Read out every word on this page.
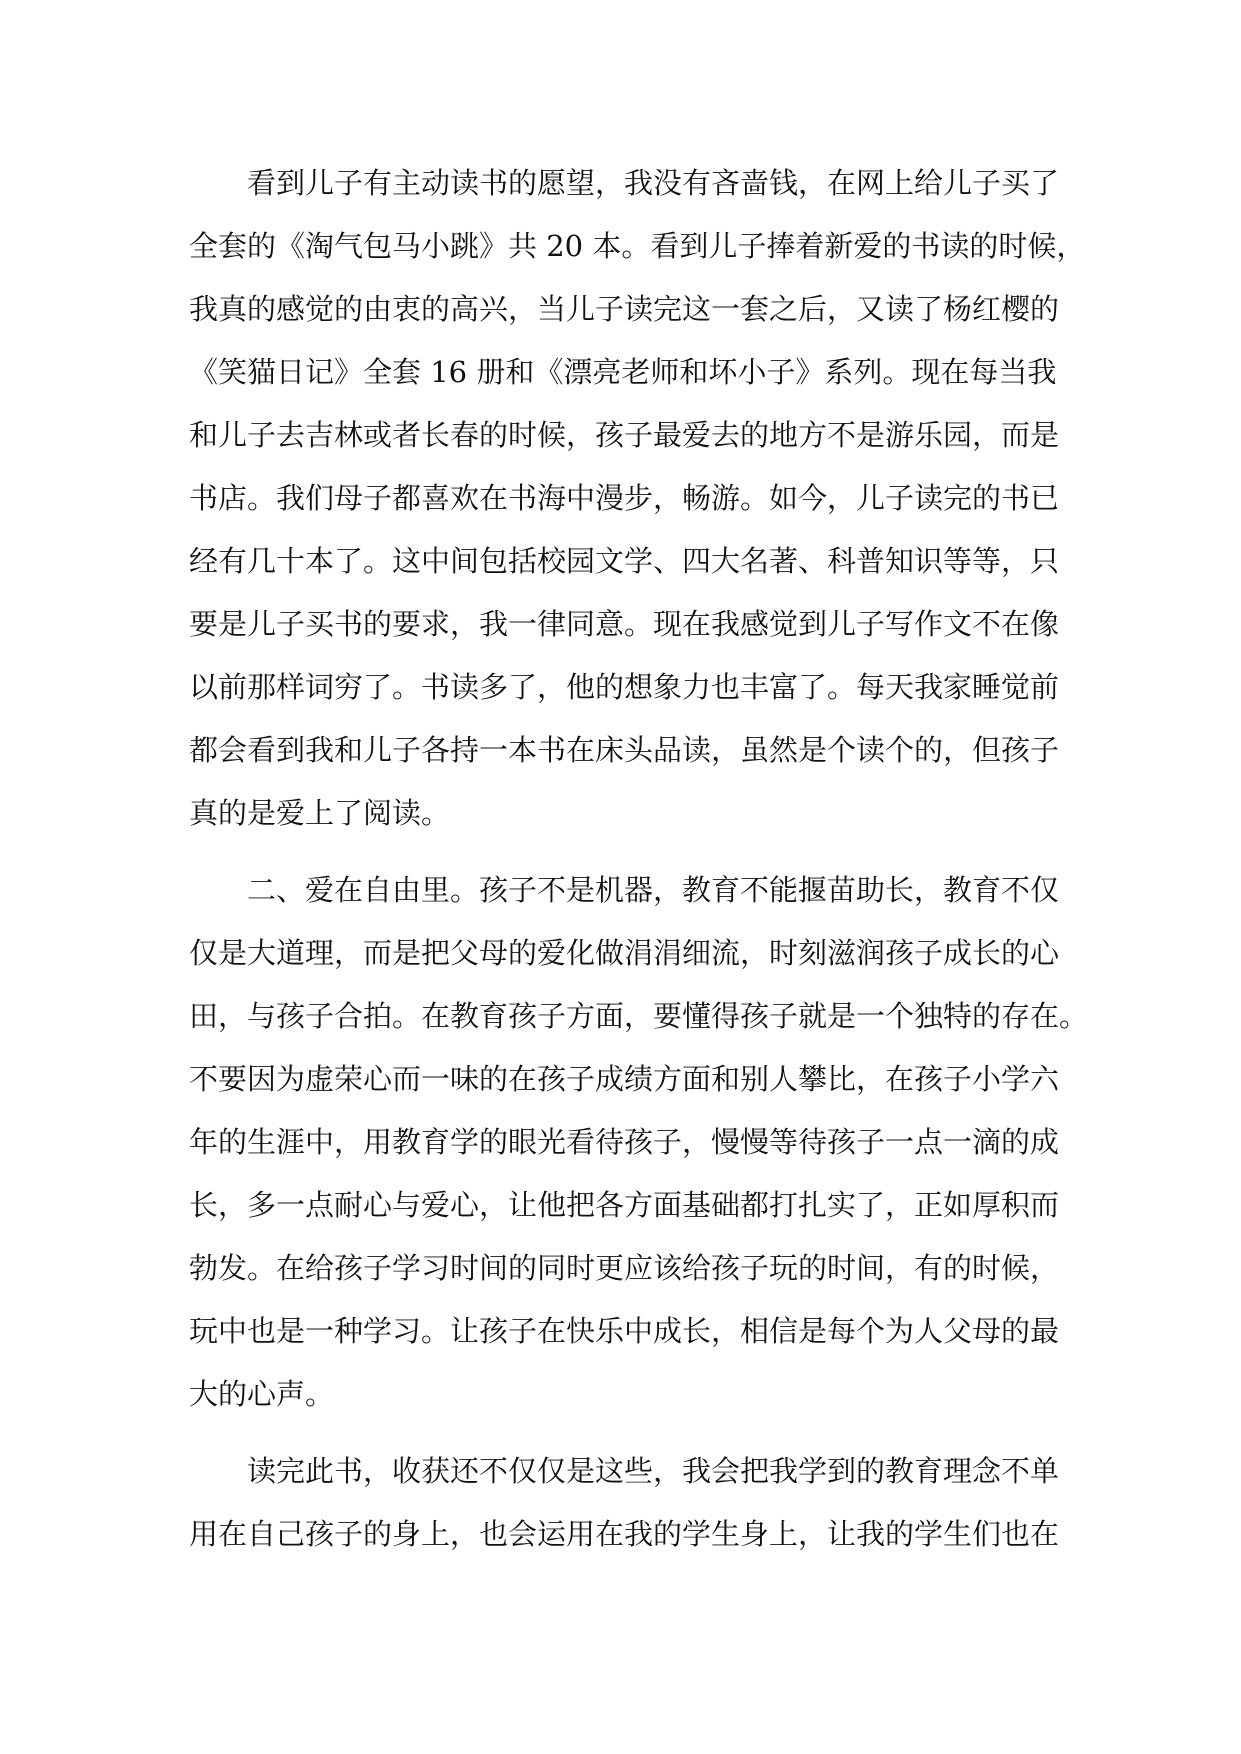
看到儿子有主动读书的愿望，我没有吝啬钱，在网上给儿子买了
全套的《淘气包马小跳》共 20 本。看到儿子捧着新爱的书读的时候，
我真的感觉的由衷的高兴，当儿子读完这一套之后，又读了杨红樱的
《笑猫日记》全套 16 册和《漂亮老师和坏小子》系列。现在每当我
和儿子去吉林或者长春的时候，孩子最爱去的地方不是游乐园，而是
书店。我们母子都喜欢在书海中漫步，畅游。如今，儿子读完的书已
经有几十本了。这中间包括校园文学、四大名著、科普知识等等，只
要是儿子买书的要求，我一律同意。现在我感觉到儿子写作文不在像
以前那样词穷了。书读多了，他的想象力也丰富了。每天我家睡觉前
都会看到我和儿子各持一本书在床头品读，虽然是个读个的，但孩子
真的是爱上了阅读。
二、爱在自由里。孩子不是机器，教育不能揠苗助长，教育不仅
仅是大道理，而是把父母的爱化做涓涓细流，时刻滋润孩子成长的心
田，与孩子合拍。在教育孩子方面，要懂得孩子就是一个独特的存在。
不要因为虚荣心而一味的在孩子成绩方面和别人攀比，在孩子小学六
年的生涯中，用教育学的眼光看待孩子，慢慢等待孩子一点一滴的成
长，多一点耐心与爱心，让他把各方面基础都打扎实了，正如厚积而
勃发。在给孩子学习时间的同时更应该给孩子玩的时间，有的时候，
玩中也是一种学习。让孩子在快乐中成长，相信是每个为人父母的最
大的心声。
读完此书，收获还不仅仅是这些，我会把我学到的教育理念不单
用在自己孩子的身上，也会运用在我的学生身上，让我的学生们也在
